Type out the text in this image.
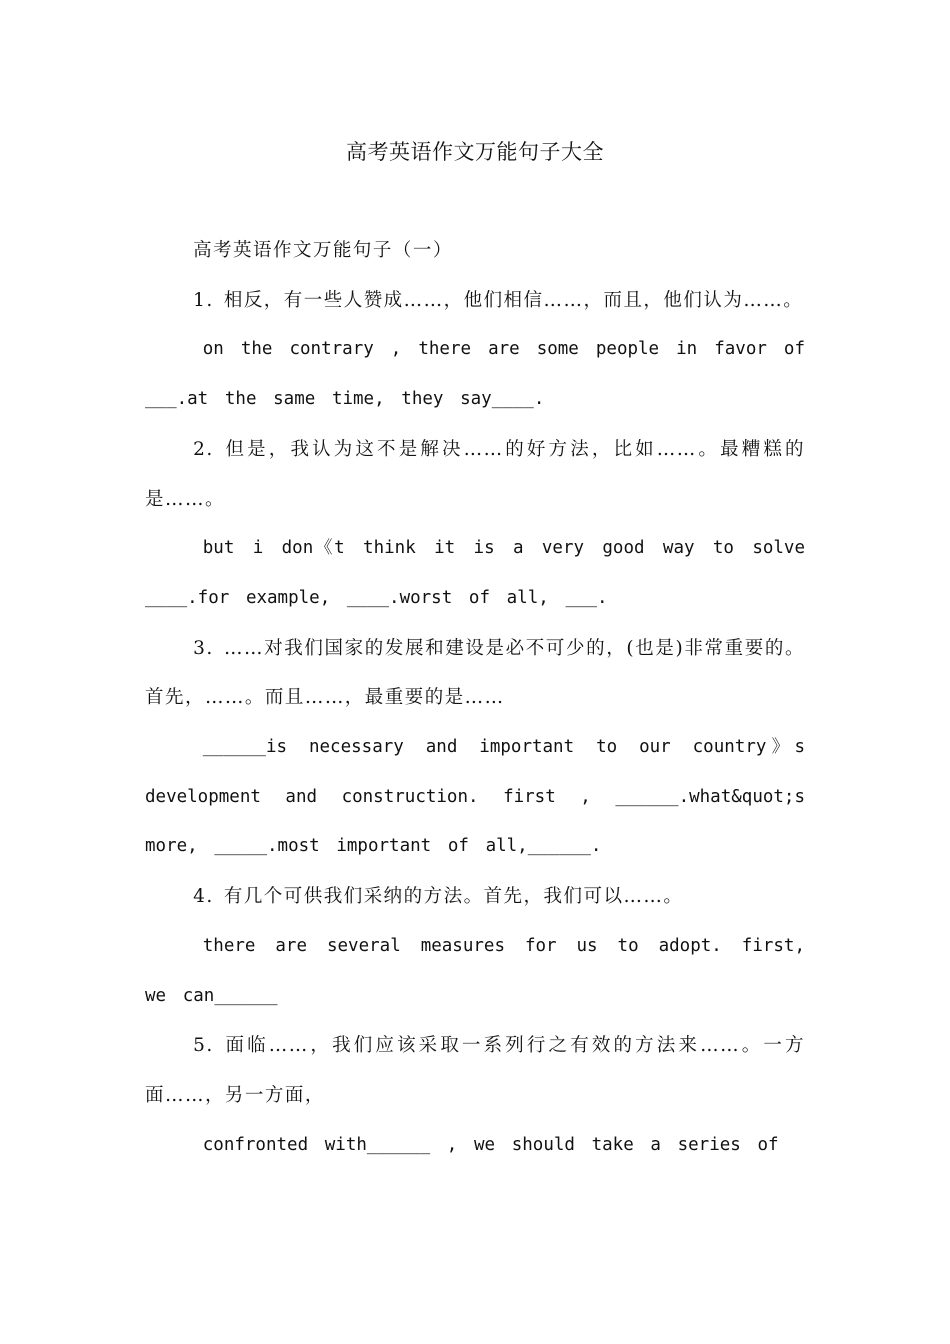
高考英语作文万能句子大全

高考英语作文万能句子（一）

1. 相反，有一些人赞成……，他们相信……，而且，他们认为……。

on the contrary , there are some people in favor of ___.at the same time, they say____.

2. 但是，我认为这不是解决……的好方法，比如……。最糟糕的是……。

but i don《t think it is a very good way to solve ____.for example, ____.worst of all, ___.

3. ……对我们国家的发展和建设是必不可少的，(也是)非常重要的。首先，……。而且……，最重要的是……

______is necessary and important to our country》s development and construction. first , ______.what&quot;s more, _____.most important of all,______.

4. 有几个可供我们采纳的方法。首先，我们可以……。

there are several measures for us to adopt. first, we can______

5. 面临……，我们应该采取一系列行之有效的方法来……。一方面……，另一方面，

confronted with______ , we should take a series of
